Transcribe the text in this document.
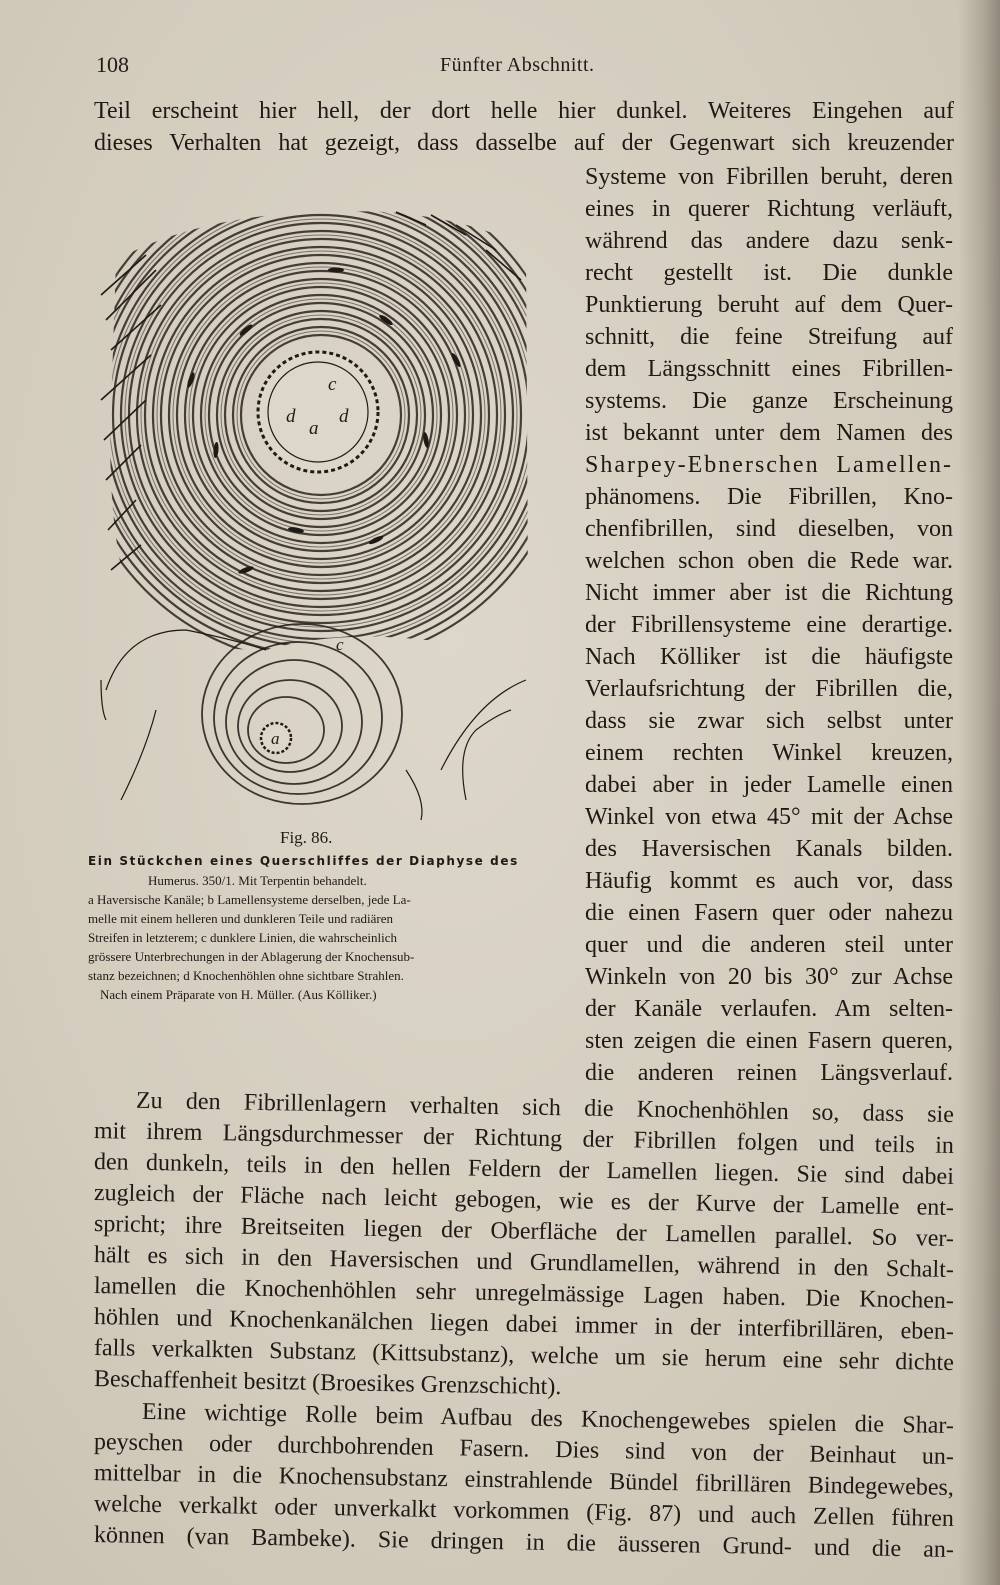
108	Fünfter Abschnitt.
Teil erscheint hier hell, der dort helle hier dunkel. Weiteres Eingehen auf
dieses Verhalten hat gezeigt, dass dasselbe auf der Gegenwart sich kreuzender
Systeme von Fibrillen beruht, deren
eines in querer Richtung verläuft,
während das andere dazu senk-
recht gestellt ist. Die dunkle
Punktierung beruht auf dem Quer-
schnitt, die feine Streifung auf
dem Längsschnitt eines Fibrillen-
systems. Die ganze Erscheinung
ist bekannt unter dem Namen des
Sharpey-Ebnerschen Lamellen-
phänomens. Die Fibrillen, Kno-
chenfibrillen, sind dieselben, von
welchen schon oben die Rede war.
Nicht immer aber ist die Richtung
der Fibrillensysteme eine derartige.
Nach Kölliker ist die häufigste
Verlaufsrichtung der Fibrillen die,
dass sie zwar sich selbst unter
einem rechten Winkel kreuzen,
dabei aber in jeder Lamelle einen
Winkel von etwa 45° mit der Achse
des Haversischen Kanals bilden.
Häufig kommt es auch vor, dass
die einen Fasern quer oder nahezu
quer und die anderen steil unter
Winkeln von 20 bis 30° zur Achse
der Kanäle verlaufen. Am selten-
sten zeigen die einen Fasern queren,
die anderen reinen Längsverlauf.
d
a
c
d
a
c
Fig. 86.
Ein Stückchen eines Querschliffes der Diaphyse des
Humerus. 350/1. Mit Terpentin behandelt.
a Haversische Kanäle; b Lamellensysteme derselben, jede La-
melle mit einem helleren und dunkleren Teile und radiären
Streifen in letzterem; c dunklere Linien, die wahrscheinlich
grössere Unterbrechungen in der Ablagerung der Knochensub-
stanz bezeichnen; d Knochenhöhlen ohne sichtbare Strahlen.
Nach einem Präparate von H. Müller. (Aus Kölliker.)
Zu den Fibrillenlagern verhalten sich die Knochenhöhlen so, dass sie
mit ihrem Längsdurchmesser der Richtung der Fibrillen folgen und teils in
den dunkeln, teils in den hellen Feldern der Lamellen liegen. Sie sind dabei
zugleich der Fläche nach leicht gebogen, wie es der Kurve der Lamelle ent-
spricht; ihre Breitseiten liegen der Oberfläche der Lamellen parallel. So ver-
hält es sich in den Haversischen und Grundlamellen, während in den Schalt-
lamellen die Knochenhöhlen sehr unregelmässige Lagen haben. Die Knochen-
höhlen und Knochenkanälchen liegen dabei immer in der interfibrillären, eben-
falls verkalkten Substanz (Kittsubstanz), welche um sie herum eine sehr dichte
Beschaffenheit besitzt (Broesikes Grenzschicht).
Eine wichtige Rolle beim Aufbau des Knochengewebes spielen die Shar-
peyschen oder durchbohrenden Fasern. Dies sind von der Beinhaut un-
mittelbar in die Knochensubstanz einstrahlende Bündel fibrillären Bindegewebes,
welche verkalkt oder unverkalkt vorkommen (Fig. 87) und auch Zellen führen
können (van Bambeke). Sie dringen in die äusseren Grund- und die an-
